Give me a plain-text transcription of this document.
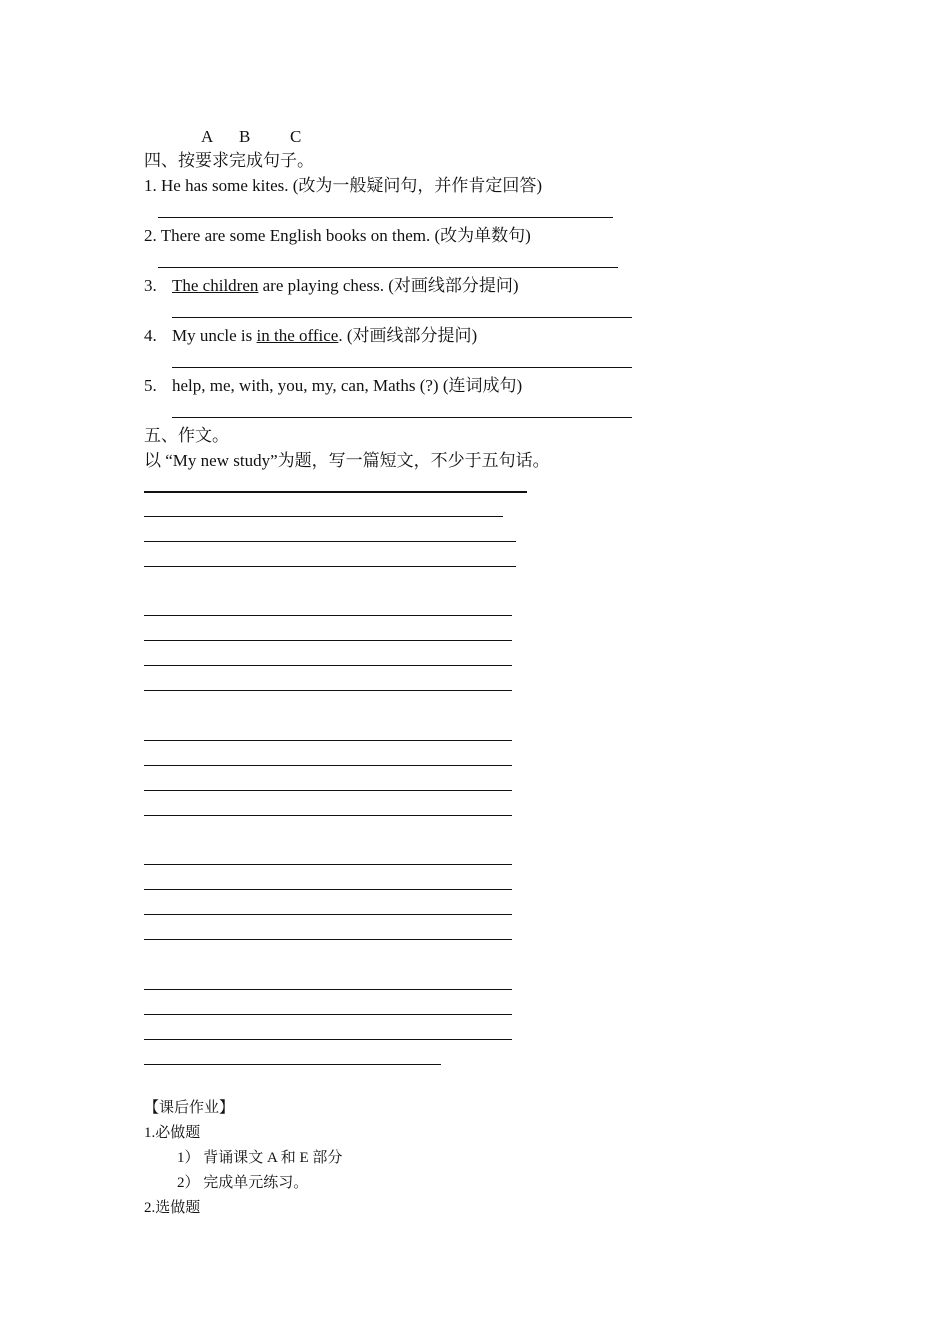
A B C
四、按要求完成句子。
1. He has some kites. (改为一般疑问句，并作肯定回答)
2. There are some English books on them. (改为单数句)
3. The children are playing chess. (对画线部分提问)
4. My uncle is in the office. (对画线部分提问)
5. help, me, with, you, my, can, Maths (?) (连词成句)
五、作文。
以 “My new study”为题，写一篇短文，不少于五句话。
【课后作业】
1.必做题
1） 背诵课文 A 和 E 部分
2） 完成单元练习。
2.选做题
